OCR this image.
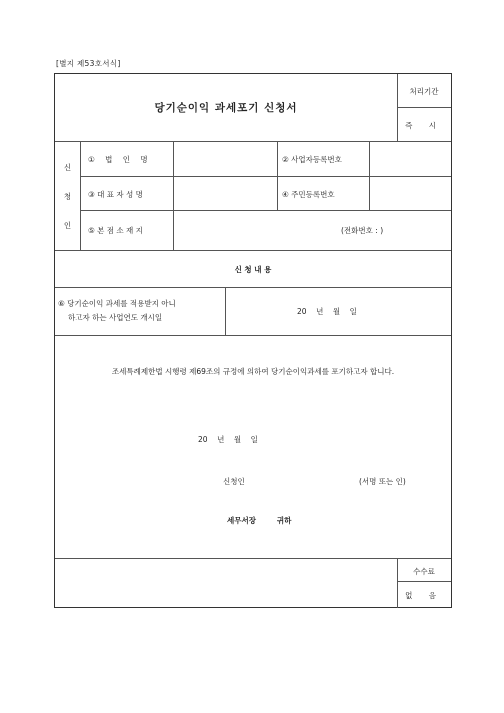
[별지 제53호서식]
당기순이익 과세포기 신청서
처리기간
즉 시
신
청
인
① 법 인 명	② 사업자등록번호
③ 대 표 자 성 명	④ 주민등록번호
⑤ 본 점 소 재 지	(전화번호 : )
신 청 내 용
⑥ 당기순이익 과세를 적용받지 아니
하고자 하는 사업연도 개시일
20    년    월    일
조세특례제한법 시행령 제69조의 규정에 의하여 당기순이익과세를 포기하고자 합니다.
20    년    월    일
신청인	(서명 또는 인)
세무서장        귀하
수수료
없 음
